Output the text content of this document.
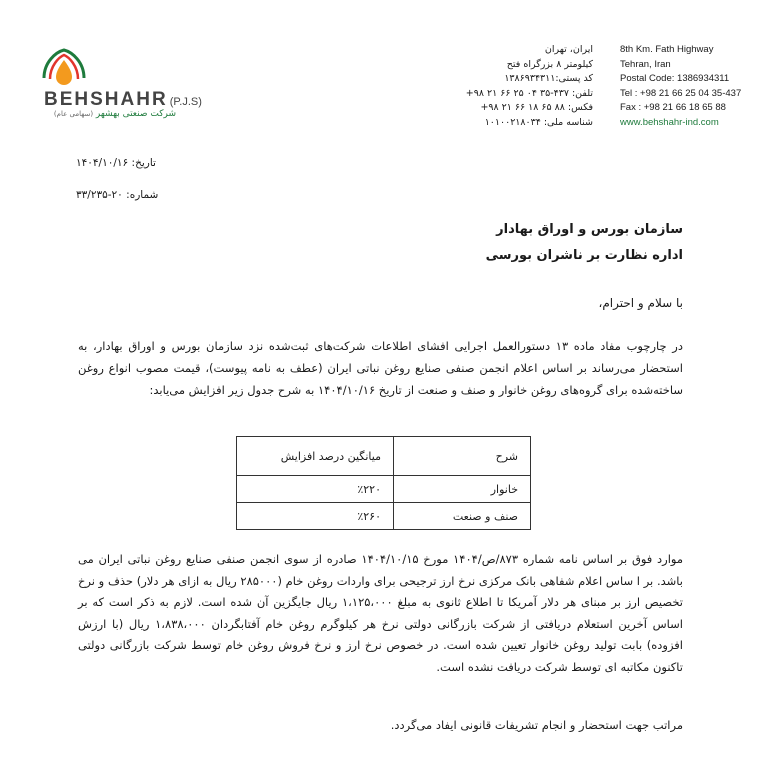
BEHSHAHR (P.J.S)
شرکت صنعتی بهشهر (سهامی عام)
ایران، تهران
کیلومتر ۸ بزرگراه فتح
کد پستی:۱۳۸۶۹۳۴۳۱۱
تلفن: ۴۳۷-۳۵ ۰۴ ۲۵ ۶۶ ۲۱ ۹۸+
فکس: ۸۸ ۶۵ ۱۸ ۶۶ ۲۱ ۹۸+
شناسه ملی: ۱۰۱۰۰۲۱۸۰۳۴
8th Km. Fath Highway
Tehran, Iran
Postal Code: 1386934311
Tel : +98 21 66 25 04 35-437
Fax : +98 21 66 18 65 88
www.behshahr-ind.com
تاریخ: ۱۴۰۴/۱۰/۱۶
شماره: ۲۰-۳۳/۲۳۵
سازمان بورس و اوراق بهادار
اداره نظارت بر ناشران بورسی
با سلام و احترام،
در چارچوب مفاد ماده ۱۳ دستورالعمل اجرایی افشای اطلاعات شرکت‌های ثبت‌شده نزد سازمان بورس و اوراق بهادار، به استحضار می‌رساند بر اساس اعلام انجمن صنفی صنایع روغن نباتی ایران (عطف به نامه پیوست)، قیمت مصوب انواع روغن ساخته‌شده برای گروه‌های روغن خانوار و صنف و صنعت از تاریخ ۱۴۰۴/۱۰/۱۶ به شرح جدول زیر افزایش می‌یابد:
شرح	میانگین درصد افزایش
خانوار	٪۲۲۰
صنف و صنعت	٪۲۶۰
موارد فوق بر اساس نامه شماره ۸۷۳/ص/۱۴۰۴ مورخ ۱۴۰۴/۱۰/۱۵ صادره از سوی انجمن صنفی صنایع روغن نباتی ایران می باشد. بر ا ساس اعلام شفاهی بانک مرکزی نرخ ارز ترجیحی برای واردات روغن خام (۲۸۵۰۰۰ ریال به ازای هر دلار) حذف و نرخ تخصیص ارز بر مبنای هر دلار آمریکا تا اطلاع ثانوی به مبلغ ۱،۱۲۵،۰۰۰ ریال جایگزین آن شده است. لازم به ذکر است که بر اساس آخرین استعلام دریافتی از شرکت بازرگانی دولتی نرخ هر کیلوگرم روغن خام آفتابگردان ۱،۸۳۸،۰۰۰ ریال (با ارزش افزوده) بابت تولید روغن خانوار تعیین شده است. در خصوص نرخ ارز و نرخ فروش روغن خام توسط شرکت بازرگانی دولتی تاکنون مکاتبه ای توسط شرکت دریافت نشده است.
مراتب جهت استحضار و انجام تشریفات قانونی ایفاد می‌گردد.
